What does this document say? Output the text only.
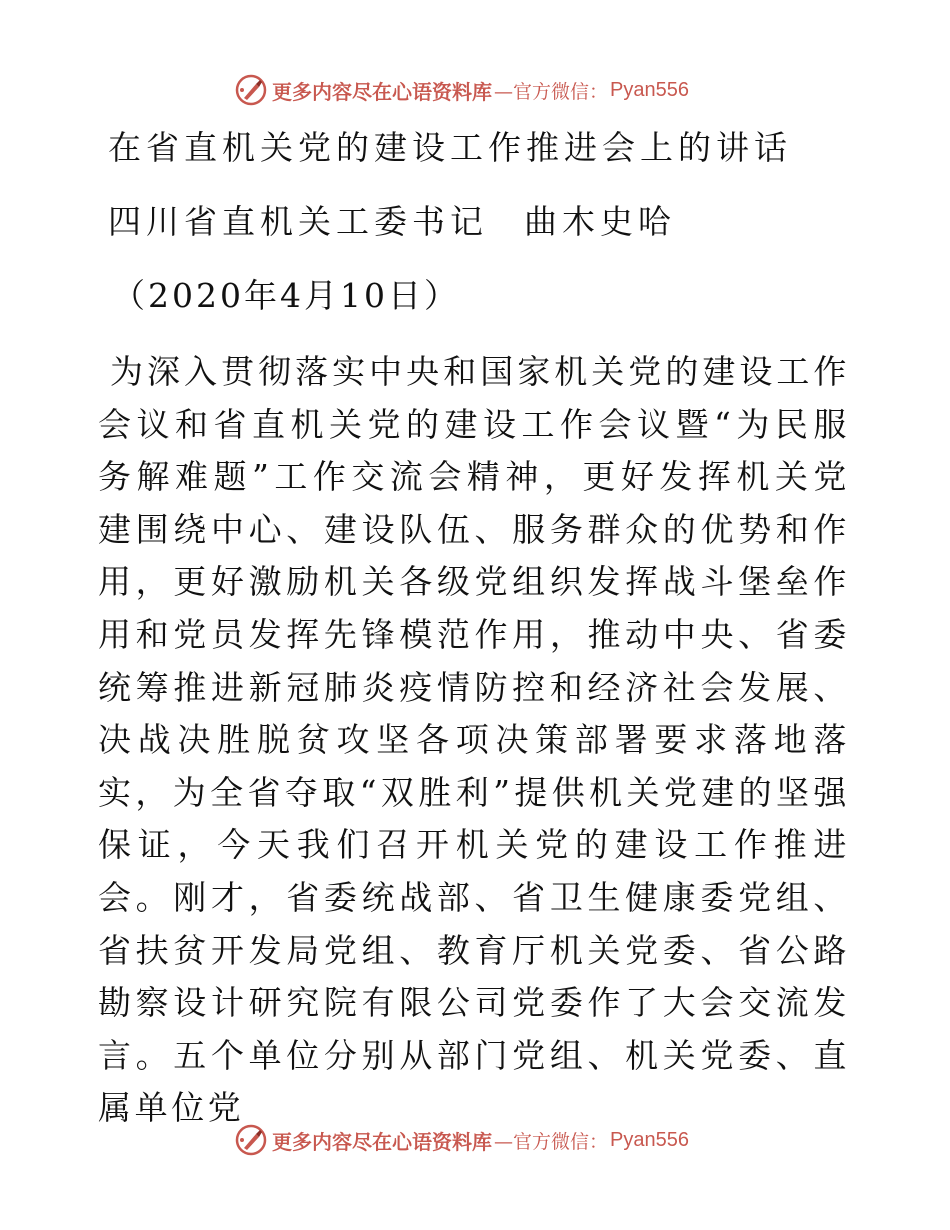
更多内容尽在心语资料库 —官方微信： Pyan556
在省直机关党的建设工作推进会上的讲话
四川省直机关工委书记 曲木史哈
（2020年4月10日）

为深入贯彻落实中央和国家机关党的建设工作会议和省直机关党的建设工作会议暨“为民服务解难题”工作交流会精神，更好发挥机关党建围绕中心、建设队伍、服务群众的优势和作用，更好激励机关各级党组织发挥战斗堡垒作用和党员发挥先锋模范作用，推动中央、省委统筹推进新冠肺炎疫情防控和经济社会发展、决战决胜脱贫攻坚各项决策部署要求落地落实，为全省夺取“双胜利”提供机关党建的坚强保证，今天我们召开机关党的建设工作推进会。刚才，省委统战部、省卫生健康委党组、省扶贫开发局党组、教育厅机关党委、省公路勘察设计研究院有限公司党委作了大会交流发言。五个单位分别从部门党组、机关党委、直属单位党

更多内容尽在心语资料库 —官方微信： Pyan556
